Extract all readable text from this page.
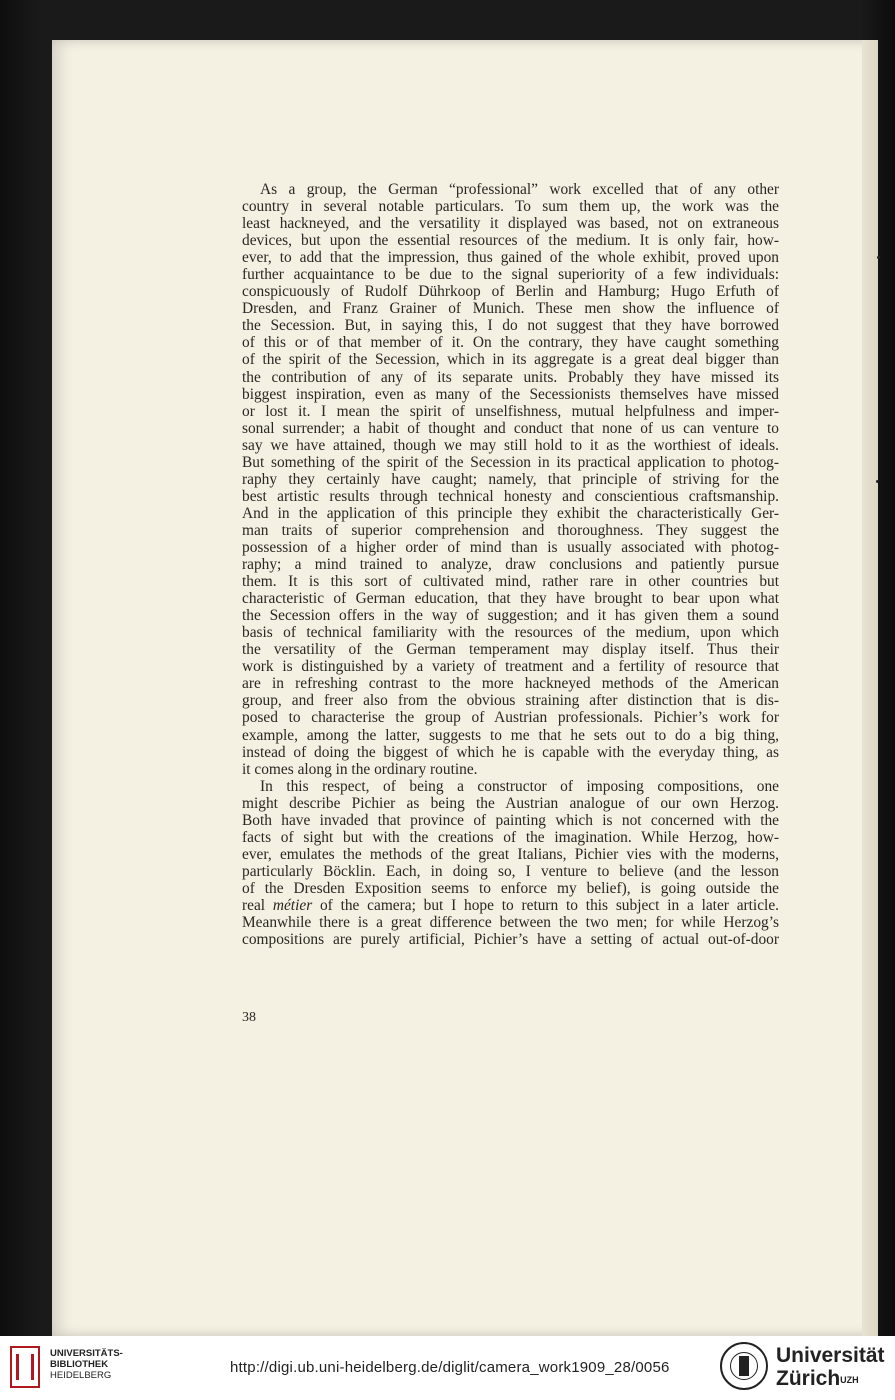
As a group, the German “professional” work excelled that of any other
country in several notable particulars. To sum them up, the work was the
least hackneyed, and the versatility it displayed was based, not on extraneous
devices, but upon the essential resources of the medium. It is only fair, how-
ever, to add that the impression, thus gained of the whole exhibit, proved upon
further acquaintance to be due to the signal superiority of a few individuals:
conspicuously of Rudolf Dührkoop of Berlin and Hamburg; Hugo Erfuth of
Dresden, and Franz Grainer of Munich. These men show the influence of
the Secession. But, in saying this, I do not suggest that they have borrowed
of this or of that member of it. On the contrary, they have caught something
of the spirit of the Secession, which in its aggregate is a great deal bigger than
the contribution of any of its separate units. Probably they have missed its
biggest inspiration, even as many of the Secessionists themselves have missed
or lost it. I mean the spirit of unselfishness, mutual helpfulness and imper-
sonal surrender; a habit of thought and conduct that none of us can venture to
say we have attained, though we may still hold to it as the worthiest of ideals.
But something of the spirit of the Secession in its practical application to photog-
raphy they certainly have caught; namely, that principle of striving for the
best artistic results through technical honesty and conscientious craftsmanship.
And in the application of this principle they exhibit the characteristically Ger-
man traits of superior comprehension and thoroughness. They suggest the
possession of a higher order of mind than is usually associated with photog-
raphy; a mind trained to analyze, draw conclusions and patiently pursue
them. It is this sort of cultivated mind, rather rare in other countries but
characteristic of German education, that they have brought to bear upon what
the Secession offers in the way of suggestion; and it has given them a sound
basis of technical familiarity with the resources of the medium, upon which
the versatility of the German temperament may display itself. Thus their
work is distinguished by a variety of treatment and a fertility of resource that
are in refreshing contrast to the more hackneyed methods of the American
group, and freer also from the obvious straining after distinction that is dis-
posed to characterise the group of Austrian professionals. Pichier’s work for
example, among the latter, suggests to me that he sets out to do a big thing,
instead of doing the biggest of which he is capable with the everyday thing, as
it comes along in the ordinary routine.

In this respect, of being a constructor of imposing compositions, one
might describe Pichier as being the Austrian analogue of our own Herzog.
Both have invaded that province of painting which is not concerned with the
facts of sight but with the creations of the imagination. While Herzog, how-
ever, emulates the methods of the great Italians, Pichier vies with the moderns,
particularly Böcklin. Each, in doing so, I venture to believe (and the lesson
of the Dresden Exposition seems to enforce my belief), is going outside the
real métier of the camera; but I hope to return to this subject in a later article.
Meanwhile there is a great difference between the two men; for while Herzog’s
compositions are purely artificial, Pichier’s have a setting of actual out-of-door

38
UNIVERSITÄTS-
BIBLIOTHEK
HEIDELBERG	http://digi.ub.uni-heidelberg.de/diglit/camera_work1909_28/0056
Universität
Zürich$^{UZH}$
